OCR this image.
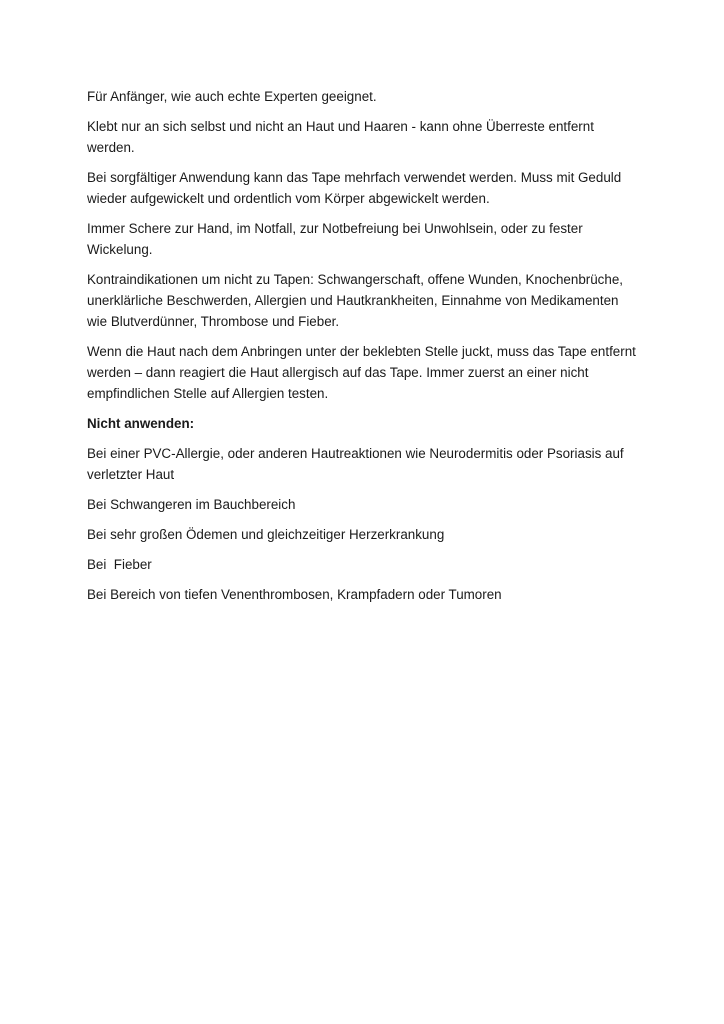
Für Anfänger, wie auch echte Experten geeignet.

Klebt nur an sich selbst und nicht an Haut und Haaren - kann ohne Überreste entfernt werden.

Bei sorgfältiger Anwendung kann das Tape mehrfach verwendet werden. Muss mit Geduld wieder aufgewickelt und ordentlich vom Körper abgewickelt werden.

Immer Schere zur Hand, im Notfall, zur Notbefreiung bei Unwohlsein, oder zu fester Wickelung.

Kontraindikationen um nicht zu Tapen: Schwangerschaft, offene Wunden, Knochenbrüche, unerklärliche Beschwerden, Allergien und Hautkrankheiten, Einnahme von Medikamenten wie Blutverdünner, Thrombose und Fieber.

Wenn die Haut nach dem Anbringen unter der beklebten Stelle juckt, muss das Tape entfernt werden – dann reagiert die Haut allergisch auf das Tape. Immer zuerst an einer nicht empfindlichen Stelle auf Allergien testen.

Nicht anwenden:

Bei einer PVC-Allergie, oder anderen Hautreaktionen wie Neurodermitis oder Psoriasis auf verletzter Haut

Bei Schwangeren im Bauchbereich

Bei sehr großen Ödemen und gleichzeitiger Herzerkrankung

Bei  Fieber

Bei Bereich von tiefen Venenthrombosen, Krampfadern oder Tumoren
